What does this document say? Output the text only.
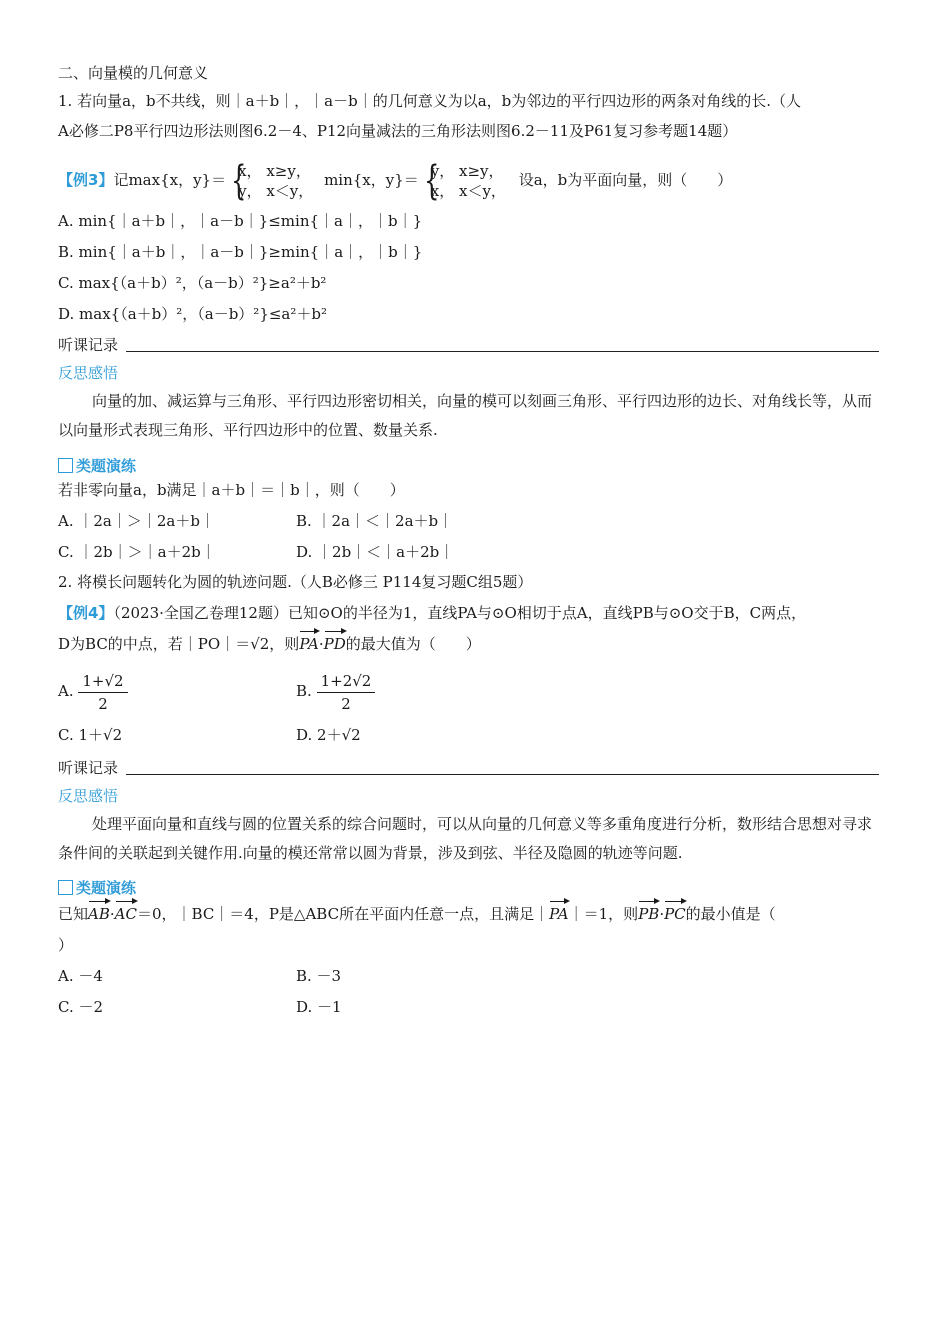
二、向量模的几何意义
1. 若向量a，b不共线，则｜a＋b｜，｜a－b｜的几何意义为以a，b为邻边的平行四边形的两条对角线的长.（人
A必修二P8平行四边形法则图6.2－4、P12向量减法的三角形法则图6.2－11及P61复习参考题14题）
【例3】记max{x，y}＝ {
x， x≥y，
y， x＜y，
min{x，y}＝ {
y， x≥y，
x， x＜y，
设a，b为平面向量，则（　　）
A. min{｜a＋b｜，｜a－b｜}≤min{｜a｜，｜b｜}
B. min{｜a＋b｜，｜a－b｜}≥min{｜a｜，｜b｜}
C. max{（a＋b）²，（a－b）²}≥a²＋b²
D. max{（a＋b）²，（a－b）²}≤a²＋b²
听课记录
反思感悟
向量的加、减运算与三角形、平行四边形密切相关，向量的模可以刻画三角形、平行四边形的边长、对角线长等，从而以向量形式表现三角形、平行四边形中的位置、数量关系.
类题演练
若非零向量a，b满足｜a＋b｜＝｜b｜，则（　　）
A. ｜2a｜＞｜2a＋b｜	B. ｜2a｜＜｜2a＋b｜
C. ｜2b｜＞｜a＋2b｜	D. ｜2b｜＜｜a＋2b｜
2. 将模长问题转化为圆的轨迹问题.（人B必修三 P114复习题C组5题）
【例4】（2023·全国乙卷理12题）已知⊙O的半径为1，直线PA与⊙O相切于点A，直线PB与⊙O交于B，C两点，
D为BC的中点，若｜PO｜＝√2，则PA·PD的最大值为（　　）
A. $\frac{1+√2}{2}$	B. $\frac{1+2√2}{2}$
C. 1＋√2	D. 2＋√2
听课记录
反思感悟
处理平面向量和直线与圆的位置关系的综合问题时，可以从向量的几何意义等多重角度进行分析，数形结合思想对寻求条件间的关联起到关键作用.向量的模还常常以圆为背景，涉及到弦、半径及隐圆的轨迹等问题.
类题演练
已知AB·AC＝0，｜BC｜＝4，P是△ABC所在平面内任意一点，且满足｜PA｜＝1，则PB·PC的最小值是（
）
A. －4	B. －3
C. －2	D. －1
